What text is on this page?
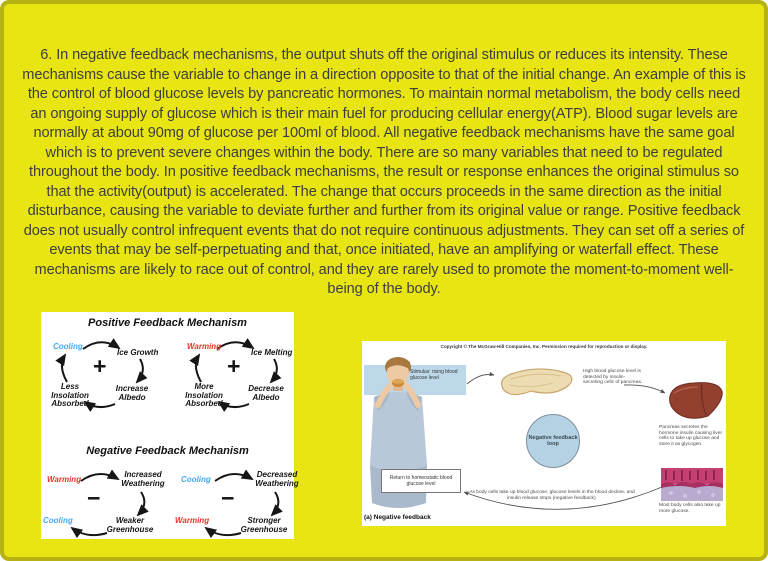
6. In negative feedback mechanisms, the output shuts off the original stimulus or reduces its intensity. These mechanisms cause the variable to change in a direction opposite to that of the initial change. An example of this is the control of blood glucose levels by pancreatic hormones. To maintain normal metabolism, the body cells need an ongoing supply of glucose which is their main fuel for producing cellular energy(ATP). Blood sugar levels are normally at about 90mg of glucose per 100ml of blood. All negative feedback mechanisms have the same goal which is to prevent severe changes within the body. There are so many variables that need to be regulated throughout the body. In positive feedback mechanisms, the result or response enhances the original stimulus so that the activity(output) is accelerated. The change that occurs proceeds in the same direction as the initial disturbance, causing the variable to deviate further and further from its original value or range. Positive feedback does not usually control infrequent events that do not require continuous adjustments. They can set off a series of events that may be self-perpetuating and that, once initiated, have an amplifying or waterfall effect. These mechanisms are likely to race out of control, and they are rarely used to promote the moment-to-moment well-being of the body.
Positive Feedback Mechanism
Cooling
Ice Growth
+
Increase Albedo
Less Insolation Absorbed
Warming
Ice Melting
+
Decrease Albedo
More Insolation Absorbed
Negative Feedback Mechanism
Warming
Increased Weathering
−
Weaker Greenhouse
Cooling
Cooling
Decreased Weathering
−
Stronger Greenhouse
Warming
Copyright © The McGraw-Hill Companies, Inc. Permission required for reproduction or display.
Stimulus: rising blood glucose level
High blood glucose level is detected by insulin-secreting cells of pancreas.
Pancreas secretes the hormone insulin causing liver cells to take up glucose and store it as glycogen.
Most body cells also take up more glucose.
Negative feedback loop
Return to homeostatic blood glucose level
As body cells take up blood glucose, glucose levels in the blood decline, and insulin release stops (negative feedback).
(a) Negative feedback
